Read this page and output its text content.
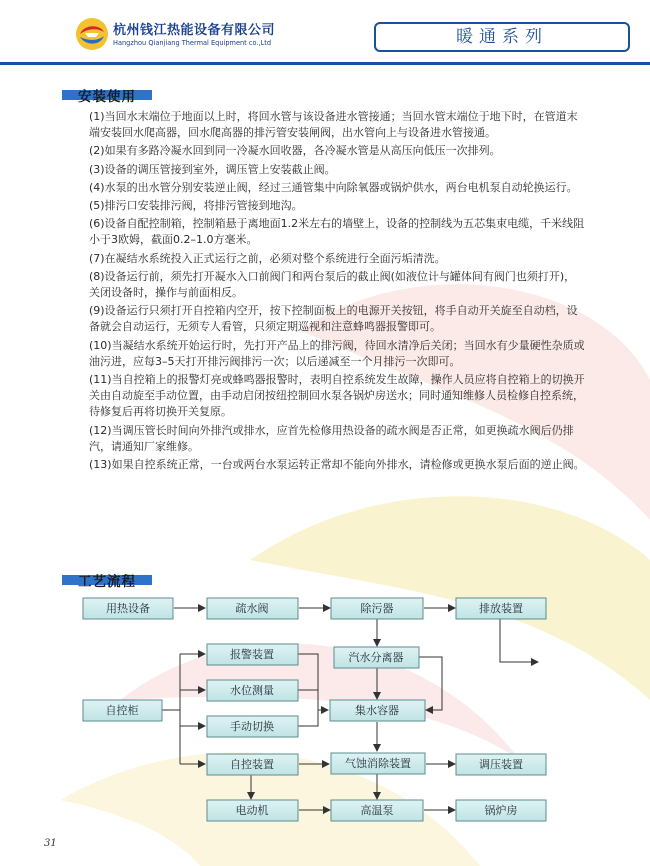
杭州钱江热能设备有限公司
Hangzhou Qianjiang Thermal Equipment co.,Ltd	暖通系列
安装使用

(1)当回水末端位于地面以上时，将回水管与该设备进水管接通；当回水管末端位于地下时，在管道末端安装回水爬高器，回水爬高器的排污管安装闸阀，出水管向上与设备进水管接通。

(2)如果有多路冷凝水回到同一冷凝水回收器，各冷凝水管是从高压向低压一次排列。

(3)设备的调压管接到室外，调压管上安装截止阀。

(4)水泵的出水管分别安装逆止阀，经过三通管集中向除氧器或锅炉供水，两台电机泵自动轮换运行。

(5)排污口安装排污阀，将排污管接到地沟。

(6)设备自配控制箱，控制箱悬于离地面1.2米左右的墙壁上，设备的控制线为五芯集束电缆，千米线阻小于3欧姆，截面0.2–1.0方毫米。

(7)在凝结水系统投入正式运行之前，必须对整个系统进行全面污垢清洗。

(8)设备运行前，须先打开凝水入口前阀门和两台泵后的截止阀(如液位计与罐体间有阀门也须打开)，关闭设备时，操作与前面相反。

(9)设备运行只须打开自控箱内空开，按下控制面板上的电源开关按钮，将手自动开关旋至自动档，设备就会自动运行，无须专人看管，只须定期巡视和注意蜂鸣器报警即可。

(10)当凝结水系统开始运行时，先打开产品上的排污阀，待回水清净后关闭；当回水有少量硬性杂质或油污进，应每3–5天打开排污阀排污一次；以后递减至一个月排污一次即可。

(11)当自控箱上的报警灯亮或蜂鸣器报警时，表明自控系统发生故障，操作人员应将自控箱上的切换开关由自动旋至手动位置，由手动启闭按纽控制回水泵各锅炉房送水；同时通知维修人员检修自控系统，待修复后再将切换开关复原。

(12)当调压管长时间向外排汽或排水，应首先检修用热设备的疏水阀是否正常，如更换疏水阀后仍排汽，请通知厂家维修。

(13)如果自控系统正常，一台或两台水泵运转正常却不能向外排水，请检修或更换水泵后面的逆止阀。

工艺流程
用热设备	疏水阀	除污器	排放装置
报警装置	汽水分离器
水位测量
自控柜	集水容器
手动切换
气蚀消除装置
自控装置	调压装置
电动机	高温泵	锅炉房
31
